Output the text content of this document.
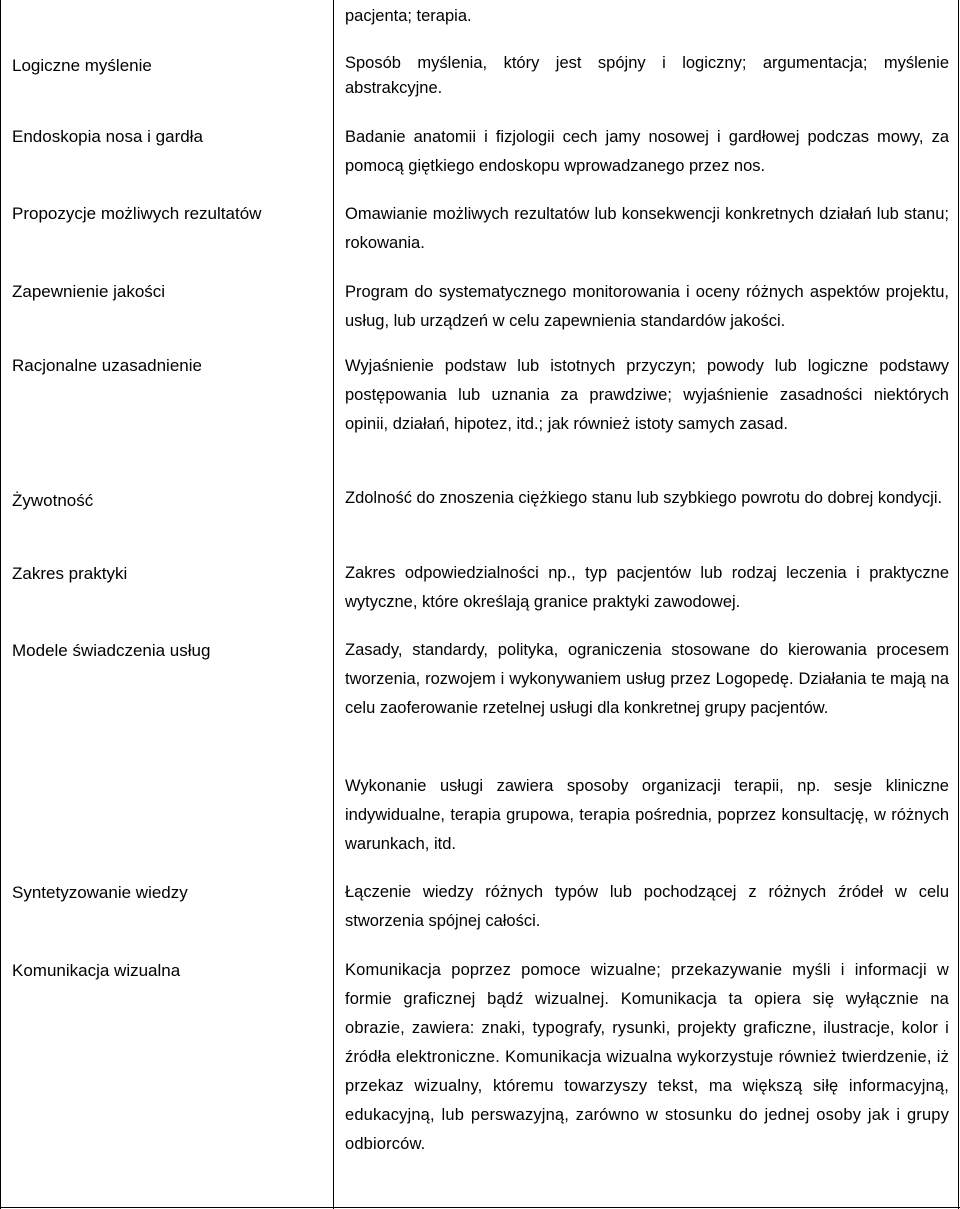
pacjenta; terapia.

Logiczne myślenie	Sposób myślenia, który jest spójny i logiczny; argumentacja; myślenie abstrakcyjne.

Endoskopia nosa i gardła	Badanie anatomii i fizjologii cech jamy nosowej i gardłowej podczas mowy, za pomocą giętkiego endoskopu wprowadzanego przez nos.

Propozycje możliwych rezultatów	Omawianie możliwych rezultatów lub konsekwencji konkretnych działań lub stanu; rokowania.

Zapewnienie jakości	Program do systematycznego monitorowania i oceny różnych aspektów projektu, usług, lub urządzeń w celu zapewnienia standardów jakości.

Racjonalne uzasadnienie	Wyjaśnienie podstaw lub istotnych przyczyn; powody lub logiczne podstawy postępowania lub uznania za prawdziwe; wyjaśnienie zasadności niektórych opinii, działań, hipotez, itd.; jak również istoty samych zasad.

Żywotność	Zdolność do znoszenia ciężkiego stanu lub szybkiego powrotu do dobrej kondycji.

Zakres praktyki	Zakres odpowiedzialności np., typ pacjentów lub rodzaj leczenia i praktyczne wytyczne, które określają granice praktyki zawodowej.

Modele świadczenia usług	Zasady, standardy, polityka, ograniczenia stosowane do kierowania procesem tworzenia, rozwojem i wykonywaniem usług przez Logopedę. Działania te mają na celu zaoferowanie rzetelnej usługi dla konkretnej grupy pacjentów.

Wykonanie usługi zawiera sposoby organizacji terapii, np. sesje kliniczne indywidualne, terapia grupowa, terapia pośrednia, poprzez konsultację, w różnych warunkach, itd.

Syntetyzowanie wiedzy	Łączenie wiedzy różnych typów lub pochodzącej z różnych źródeł w celu stworzenia spójnej całości.

Komunikacja wizualna	Komunikacja poprzez pomoce wizualne; przekazywanie myśli i informacji w formie graficznej bądź wizualnej. Komunikacja ta opiera się wyłącznie na obrazie, zawiera: znaki, typografy, rysunki, projekty graficzne, ilustracje, kolor i źródła elektroniczne. Komunikacja wizualna wykorzystuje również twierdzenie, iż przekaz wizualny, któremu towarzyszy tekst, ma większą siłę informacyjną, edukacyjną, lub perswazyjną, zarówno w stosunku do jednej osoby jak i grupy odbiorców.
